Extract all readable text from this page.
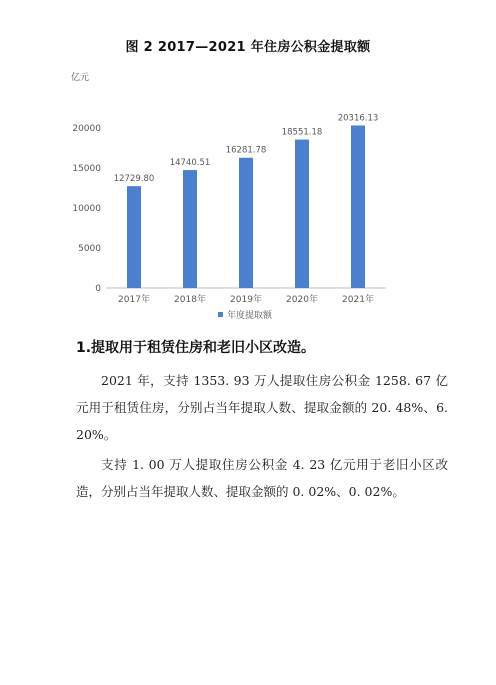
图 2 2017—2021 年住房公积金提取额
亿元
0
5000
10000
15000
20000
12729.80
2017年
14740.51
2018年
16281.78
2019年
18551.18
2020年
20316.13
2021年
年度提取额
1.提取用于租赁住房和老旧小区改造。

2021 年，支持 1353. 93 万人提取住房公积金 1258. 67 亿元用于租赁住房，分别占当年提取人数、提取金额的 20. 48%、6. 20%。

支持 1. 00 万人提取住房公积金 4. 23 亿元用于老旧小区改造，分别占当年提取人数、提取金额的 0. 02%、0. 02%。
